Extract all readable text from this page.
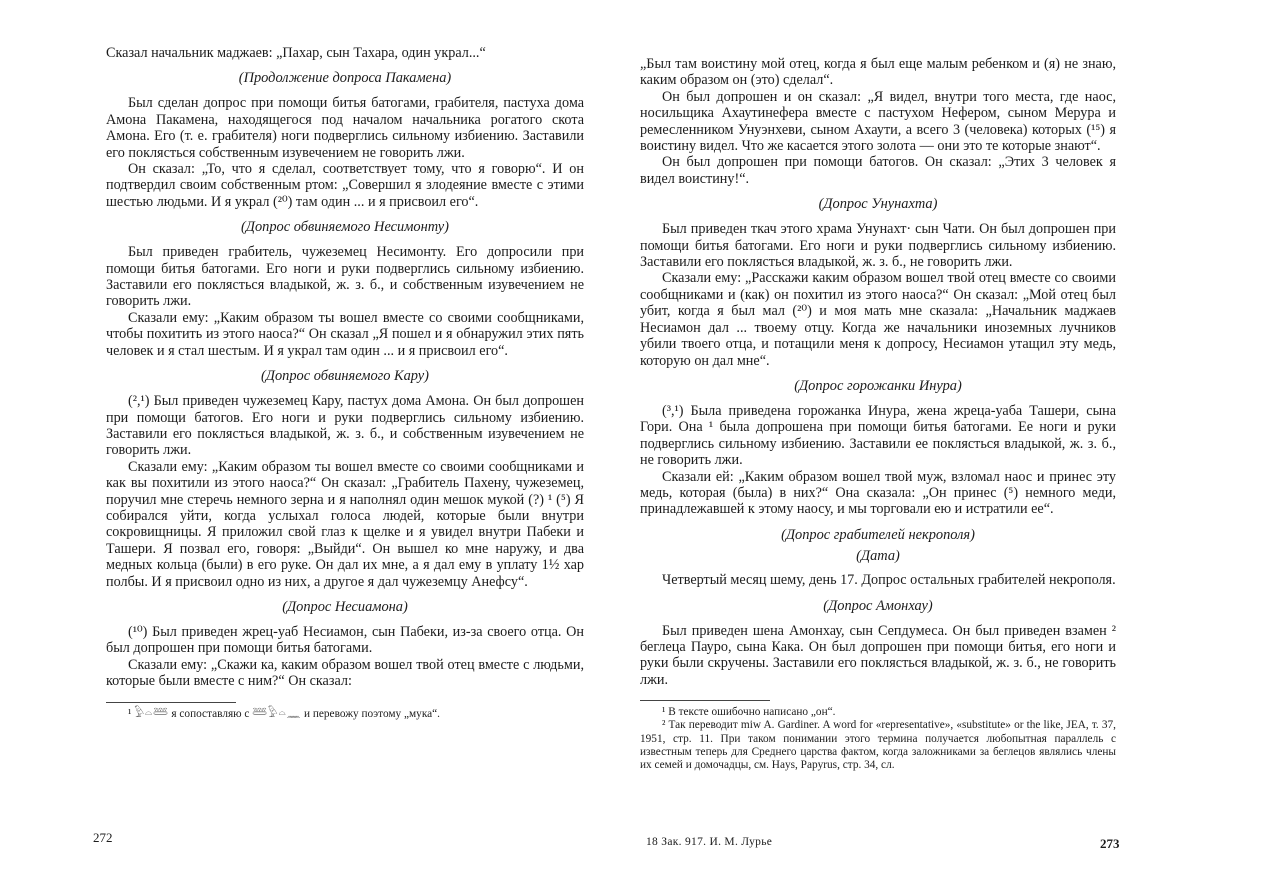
Сказал начальник маджаев: „Пахар, сын Тахара, один украл...“

(Продолжение допроса Пакамена)

Был сделан допрос при помощи битья батогами, грабителя, пастуха дома Амона Пакамена, находящегося под началом начальника рогатого скота Амона. Его (т. е. грабителя) ноги подверглись сильному избиению. Заставили его поклясться собственным изувечением не говорить лжи.

Он сказал: „То, что я сделал, соответствует тому, что я говорю“. И он подтвердил своим собственным ртом: „Совершил я злодеяние вместе с этими шестью людьми. И я украл (²⁰) там один ... и я присвоил его“.

(Допрос обвиняемого Несимонту)

Был приведен грабитель, чужеземец Несимонту. Его допросили при помощи битья батогами. Его ноги и руки подверглись сильному избиению. Заставили его поклясться владыкой, ж. з. б., и собственным изувечением не говорить лжи.

Сказали ему: „Каким образом ты вошел вместе со своими сообщниками, чтобы похитить из этого наоса?“ Он сказал „Я пошел и я обнаружил этих пять человек и я стал шестым. И я украл там один ... и я присвоил его“.

(Допрос обвиняемого Кару)

(²,¹) Был приведен чужеземец Кару, пастух дома Амона. Он был допрошен при помощи батогов. Его ноги и руки подверглись сильному избиению. Заставили его поклясться владыкой, ж. з. б., и собственным изувечением не говорить лжи.

Сказали ему: „Каким образом ты вошел вместе со своими сообщниками и как вы похитили из этого наоса?“ Он сказал: „Грабитель Пахену, чужеземец, поручил мне стеречь немного зерна и я наполнял один мешок мукой (?) ¹ (⁵) Я собирался уйти, когда услыхал голоса людей, которые были внутри сокровищницы. Я приложил свой глаз к щелке и я увидел внутри Пабеки и Ташери. Я позвал его, говоря: „Выйди“. Он вышел ко мне наружу, и два медных кольца (были) в его руке. Он дал их мне, а я дал ему в уплату 1½ хар полбы. И я присвоил одно из них, а другое я дал чужеземцу Анефсу“.

(Допрос Несиамона)

(¹⁰) Был приведен жрец-уаб Несиамон, сын Пабеки, из-за своего отца. Он был допрошен при помощи битья батогами.

Сказали ему: „Скажи ка, каким образом вошел твой отец вместе с людьми, которые были вместе с ним?“ Он сказал:

¹ 𓅱𓏏𓆷 я сопоставляю с 𓆷𓅱𓏏𓈖 и перевожу поэтому „мука“.
272

„Был там воистину мой отец, когда я был еще малым ребенком и (я) не знаю, каким образом он (это) сделал“.

Он был допрошен и он сказал: „Я видел, внутри того места, где наос, носильщика Ахаутинефера вместе с пастухом Нефером, сыном Мерура и ремесленником Унуэнхеви, сыном Ахаути, а всего 3 (человека) которых (¹⁵) я воистину видел. Что же касается этого золота — они это те которые знают“.

Он был допрошен при помощи батогов. Он сказал: „Этих 3 человек я видел воистину!“.

(Допрос Унунахта)

Был приведен ткач этого храма Унунахт· сын Чати. Он был допрошен при помощи битья батогами. Его ноги и руки подверглись сильному избиению. Заставили его поклясться владыкой, ж. з. б., не говорить лжи.

Сказали ему: „Расскажи каким образом вошел твой отец вместе со своими сообщниками и (как) он похитил из этого наоса?“ Он сказал: „Мой отец был убит, когда я был мал (²⁰) и моя мать мне сказала: „Начальник маджаев Несиамон дал ... твоему отцу. Когда же начальники иноземных лучников убили твоего отца, и потащили меня к допросу, Несиамон утащил эту медь, которую он дал мне“.

(Допрос горожанки Инура)

(³,¹) Была приведена горожанка Инура, жена жреца-уаба Ташери, сына Гори. Она ¹ была допрошена при помощи битья батогами. Ее ноги и руки подверглись сильному избиению. Заставили ее поклясться владыкой, ж. з. б., не говорить лжи.

Сказали ей: „Каким образом вошел твой муж, взломал наос и принес эту медь, которая (была) в них?“ Она сказала: „Он принес (⁵) немного меди, принадлежавшей к этому наосу, и мы торговали ею и истратили ее“.

(Допрос грабителей некрополя)
(Дата)

Четвертый месяц шему, день 17. Допрос остальных грабителей некрополя.

(Допрос Амонхау)

Был приведен шена Амонхау, сын Сепдумеса. Он был приведен взамен ² беглеца Пауро, сына Кака. Он был допрошен при помощи битья, его ноги и руки были скручены. Заставили его поклясться владыкой, ж. з. б., не говорить лжи.

¹ В тексте ошибочно написано „он“.
² Так переводит miw A. Gardiner. A word for «representative», «substitute» or the like, JEA, т. 37, 1951, стр. 11. При таком понимании этого термина получается любопытная параллель с известным теперь для Среднего царства фактом, когда заложниками за беглецов являлись члены их семей и домочадцы, см. Hays, Papyrus, стр. 34, сл.
18 Зак. 917. И. М. Лурье	273
